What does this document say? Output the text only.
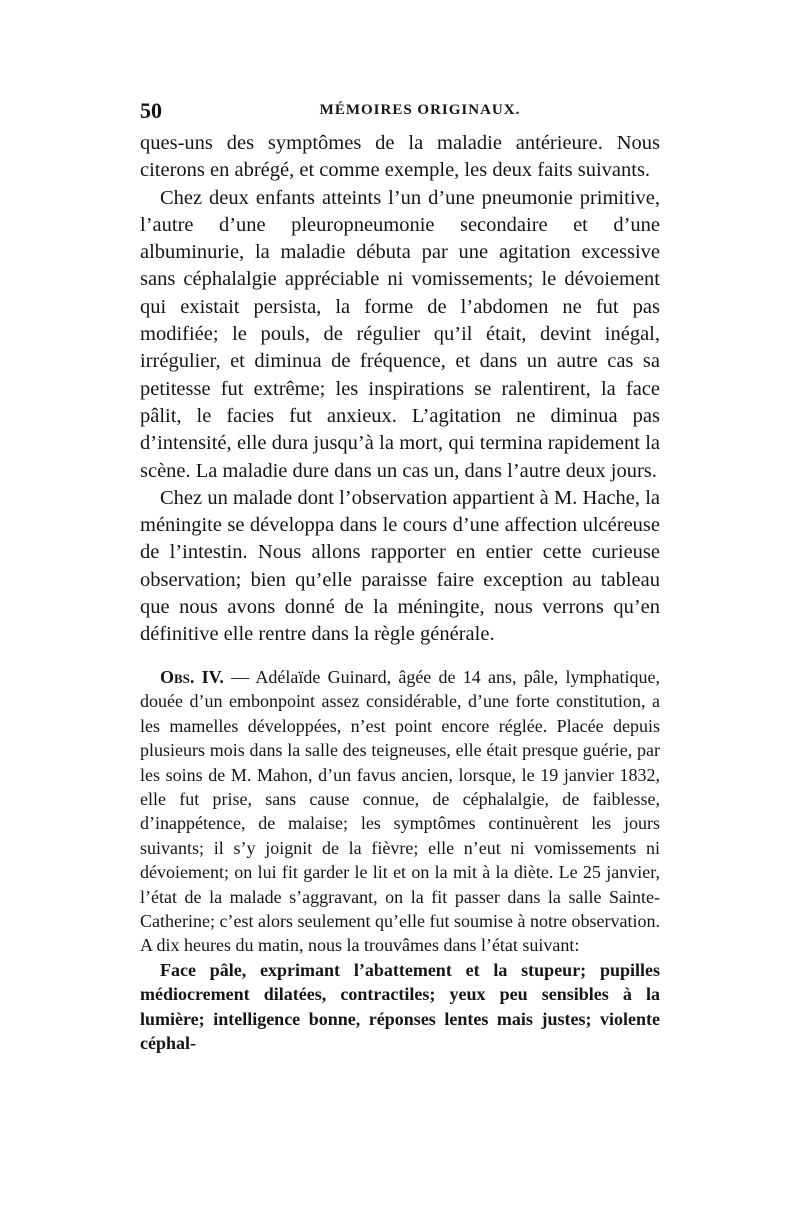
50	MÉMOIRES ORIGINAUX.

ques-uns des symptômes de la maladie antérieure. Nous citerons en abrégé, et comme exemple, les deux faits suivants.

Chez deux enfants atteints l’un d’une pneumonie primitive, l’autre d’une pleuropneumonie secondaire et d’une albuminurie, la maladie débuta par une agitation excessive sans céphalalgie appréciable ni vomissements; le dévoiement qui existait persista, la forme de l’abdomen ne fut pas modifiée; le pouls, de régulier qu’il était, devint inégal, irrégulier, et diminua de fréquence, et dans un autre cas sa petitesse fut extrême; les inspirations se ralentirent, la face pâlit, le facies fut anxieux. L’agitation ne diminua pas d’intensité, elle dura jusqu’à la mort, qui termina rapidement la scène. La maladie dure dans un cas un, dans l’autre deux jours.

Chez un malade dont l’observation appartient à M. Hache, la méningite se développa dans le cours d’une affection ulcéreuse de l’intestin. Nous allons rapporter en entier cette curieuse observation; bien qu’elle paraisse faire exception au tableau que nous avons donné de la méningite, nous verrons qu’en définitive elle rentre dans la règle générale.

Obs. IV. — Adélaïde Guinard, âgée de 14 ans, pâle, lymphatique, douée d’un embonpoint assez considérable, d’une forte constitution, a les mamelles développées, n’est point encore réglée. Placée depuis plusieurs mois dans la salle des teigneuses, elle était presque guérie, par les soins de M. Mahon, d’un favus ancien, lorsque, le 19 janvier 1832, elle fut prise, sans cause connue, de céphalalgie, de faiblesse, d’inappétence, de malaise; les symptômes continuèrent les jours suivants; il s’y joignit de la fièvre; elle n’eut ni vomissements ni dévoiement; on lui fit garder le lit et on la mit à la diète. Le 25 janvier, l’état de la malade s’aggravant, on la fit passer dans la salle Sainte-Catherine; c’est alors seulement qu’elle fut soumise à notre observation. A dix heures du matin, nous la trouvâmes dans l’état suivant:

Face pâle, exprimant l’abattement et la stupeur; pupilles médiocrement dilatées, contractiles; yeux peu sensibles à la lumière; intelligence bonne, réponses lentes mais justes; violente céphal-
